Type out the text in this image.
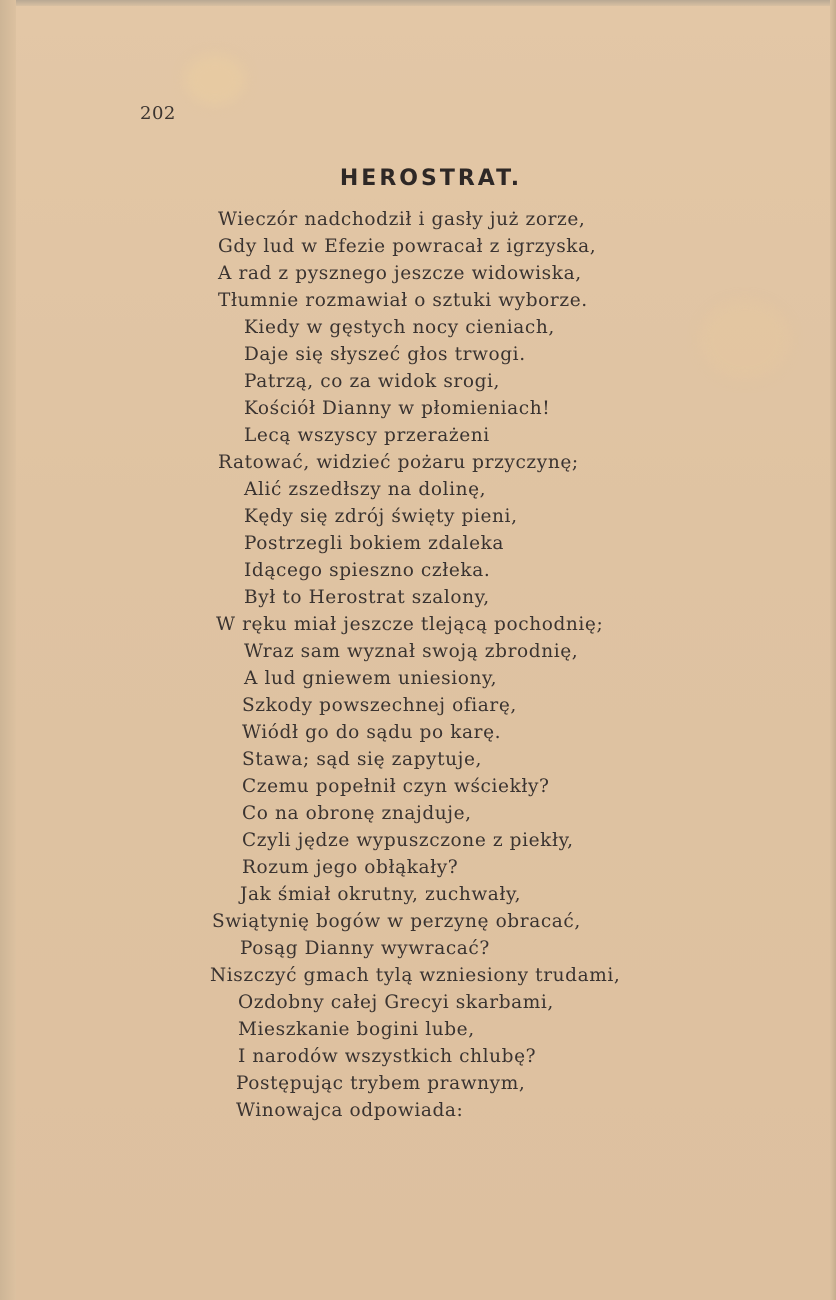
202
HEROSTRAT.
Wieczór nadchodził i gasły już zorze,
Gdy lud w Efezie powracał z igrzyska,
A rad z pysznego jeszcze widowiska,
Tłumnie rozmawiał o sztuki wyborze.
Kiedy w gęstych nocy cieniach,
Daje się słyszeć głos trwogi.
Patrzą, co za widok srogi,
Kościół Dianny w płomieniach!
Lecą wszyscy przerażeni
Ratować, widzieć pożaru przyczynę;
Alić zszedłszy na dolinę,
Kędy się zdrój święty pieni,
Postrzegli bokiem zdaleka
Idącego spieszno człeka.
Był to Herostrat szalony,
W ręku miał jeszcze tlejącą pochodnię;
Wraz sam wyznał swoją zbrodnię,
A lud gniewem uniesiony,
Szkody powszechnej ofiarę,
Wiódł go do sądu po karę.
Stawa; sąd się zapytuje,
Czemu popełnił czyn wściekły?
Co na obronę znajduje,
Czyli jędze wypuszczone z piekły,
Rozum jego obłąkały?
Jak śmiał okrutny, zuchwały,
Swiątynię bogów w perzynę obracać,
Posąg Dianny wywracać?
Niszczyć gmach tylą wzniesiony trudami,
Ozdobny całej Grecyi skarbami,
Mieszkanie bogini lube,
I narodów wszystkich chlubę?
Postępując trybem prawnym,
Winowajca odpowiada:
